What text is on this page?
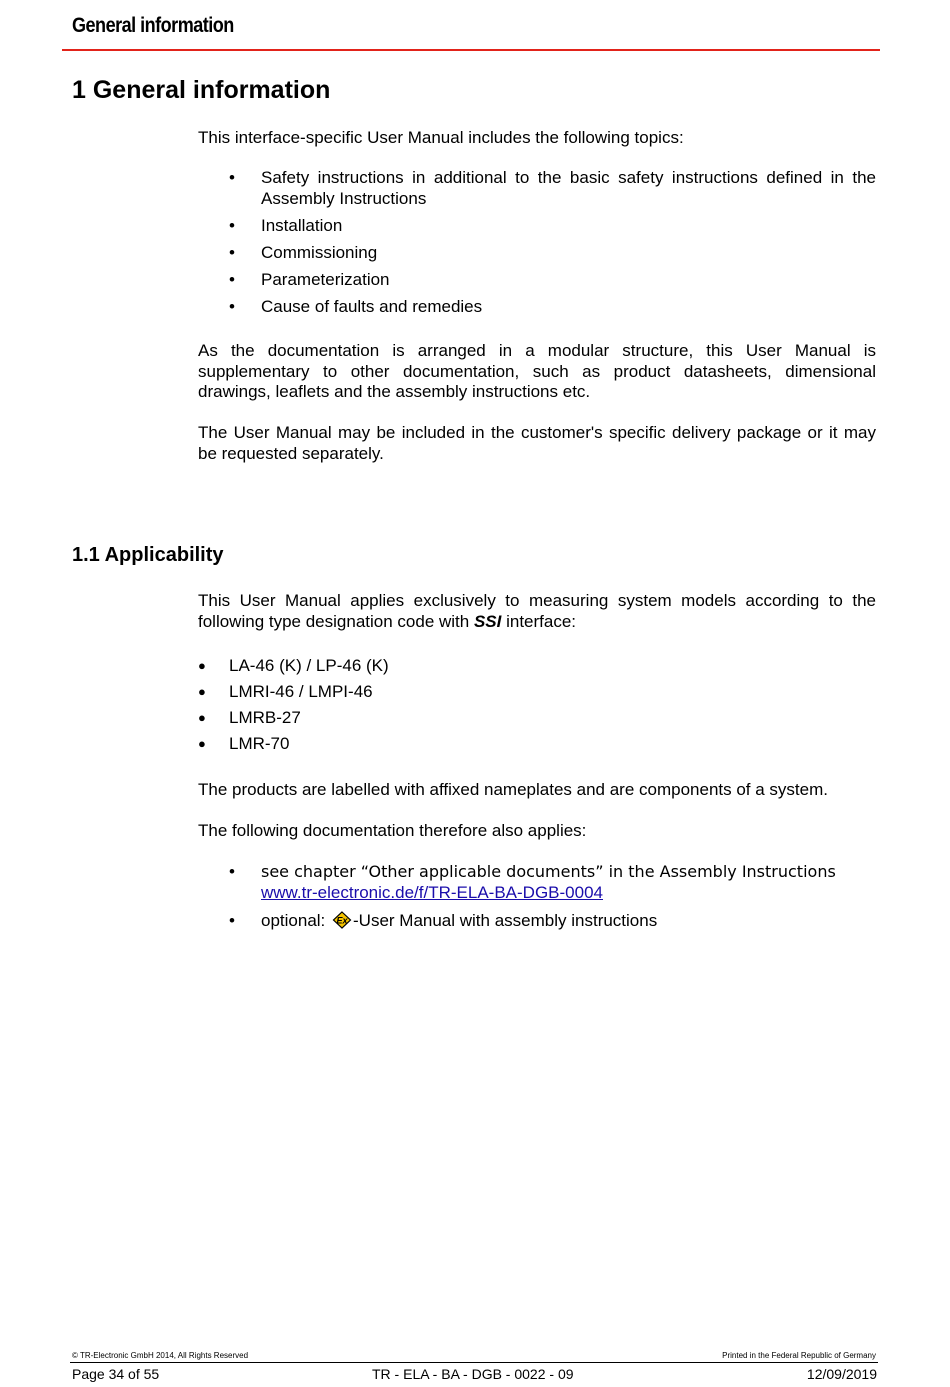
General information
1 General information

This interface-specific User Manual includes the following topics:

• Safety instructions in additional to the basic safety instructions defined in the Assembly Instructions
• Installation
• Commissioning
• Parameterization
• Cause of faults and remedies

As the documentation is arranged in a modular structure, this User Manual is supplementary to other documentation, such as product datasheets, dimensional drawings, leaflets and the assembly instructions etc.

The User Manual may be included in the customer's specific delivery package or it may be requested separately.

1.1 Applicability

This User Manual applies exclusively to measuring system models according to the following type designation code with SSI interface:

● LA-46 (K) / LP-46 (K)
● LMRI-46 / LMPI-46
● LMRB-27
● LMR-70

The products are labelled with affixed nameplates and are components of a system.

The following documentation therefore also applies:

• see chapter “Other applicable documents” in the Assembly Instructions
www.tr-electronic.de/f/TR-ELA-BA-DGB-0004
• optional: Ex -User Manual with assembly instructions
© TR-Electronic GmbH 2014, All Rights Reserved	Printed in the Federal Republic of Germany
Page 34 of 55	TR - ELA - BA - DGB - 0022 - 09	12/09/2019
